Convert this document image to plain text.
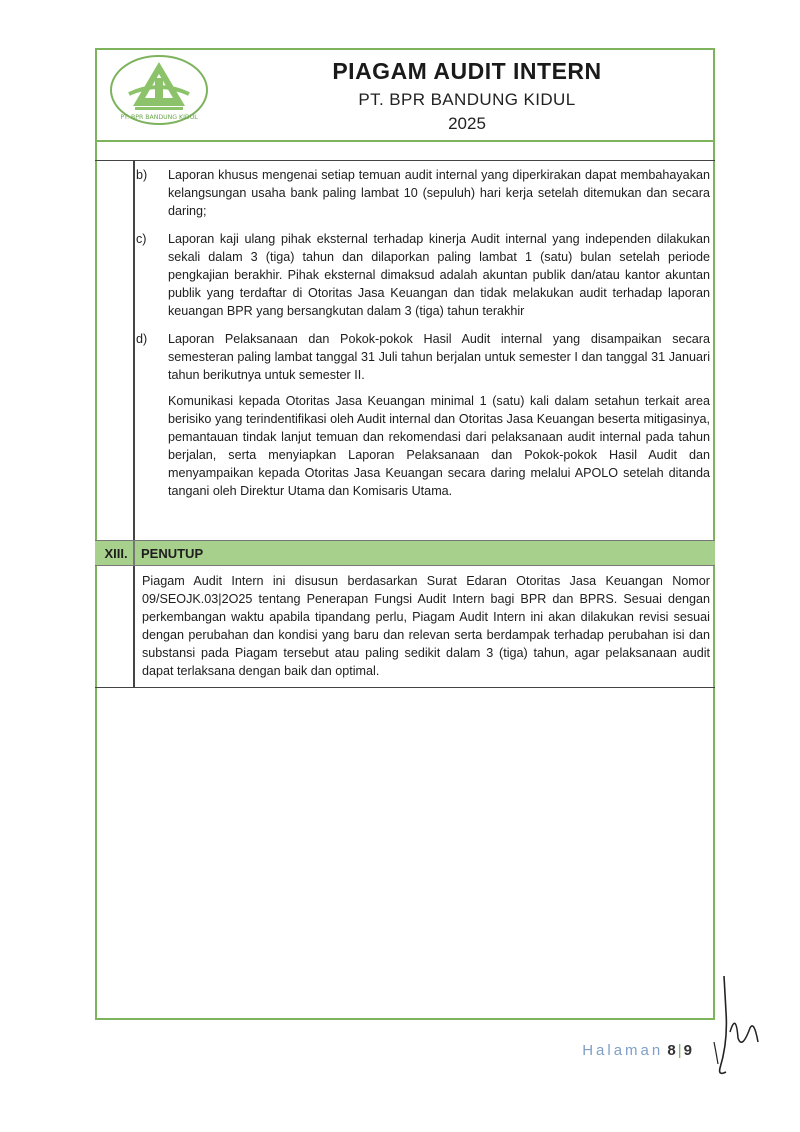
PT. BPR BANDUNG KIDUL
PIAGAM AUDIT INTERN
PT. BPR BANDUNG KIDUL
2025
b)	Laporan khusus mengenai setiap temuan audit internal yang diperkirakan dapat membahayakan kelangsungan usaha bank paling lambat 10 (sepuluh) hari kerja setelah ditemukan dan secara daring;
c)	Laporan kaji ulang pihak eksternal terhadap kinerja Audit internal yang independen dilakukan sekali dalam 3 (tiga) tahun dan dilaporkan paling lambat 1 (satu) bulan setelah periode pengkajian berakhir. Pihak eksternal dimaksud adalah akuntan publik dan/atau kantor akuntan publik yang terdaftar di Otoritas Jasa Keuangan dan tidak melakukan audit terhadap laporan keuangan BPR yang bersangkutan dalam 3 (tiga) tahun terakhir
d)	Laporan Pelaksanaan dan Pokok-pokok Hasil Audit internal yang disampaikan secara semesteran paling lambat tanggal 31 Juli tahun berjalan untuk semester I dan tanggal 31 Januari tahun berikutnya untuk semester II.
Komunikasi kepada Otoritas Jasa Keuangan minimal 1 (satu) kali dalam setahun terkait area berisiko yang terindentifikasi oleh Audit internal dan Otoritas Jasa Keuangan beserta mitigasinya, pemantauan tindak lanjut temuan dan rekomendasi dari pelaksanaan audit internal pada tahun berjalan, serta menyiapkan Laporan Pelaksanaan dan Pokok-pokok Hasil Audit dan menyampaikan kepada Otoritas Jasa Keuangan secara daring melalui APOLO setelah ditanda tangani oleh Direktur Utama dan Komisaris Utama.
XIII.	PENUTUP
Piagam Audit Intern ini disusun berdasarkan Surat Edaran Otoritas Jasa Keuangan Nomor 09/SEOJK.03|2O25 tentang Penerapan Fungsi Audit Intern bagi BPR dan BPRS. Sesuai dengan perkembangan waktu apabila tipandang perlu, Piagam Audit Intern ini akan dilakukan revisi sesuai dengan perubahan dan kondisi yang baru dan relevan serta berdampak terhadap perubahan isi dan substansi pada Piagam tersebut atau paling sedikit dalam 3 (tiga) tahun, agar pelaksanaan audit dapat terlaksana dengan baik dan optimal.
Halaman 8 | 9
